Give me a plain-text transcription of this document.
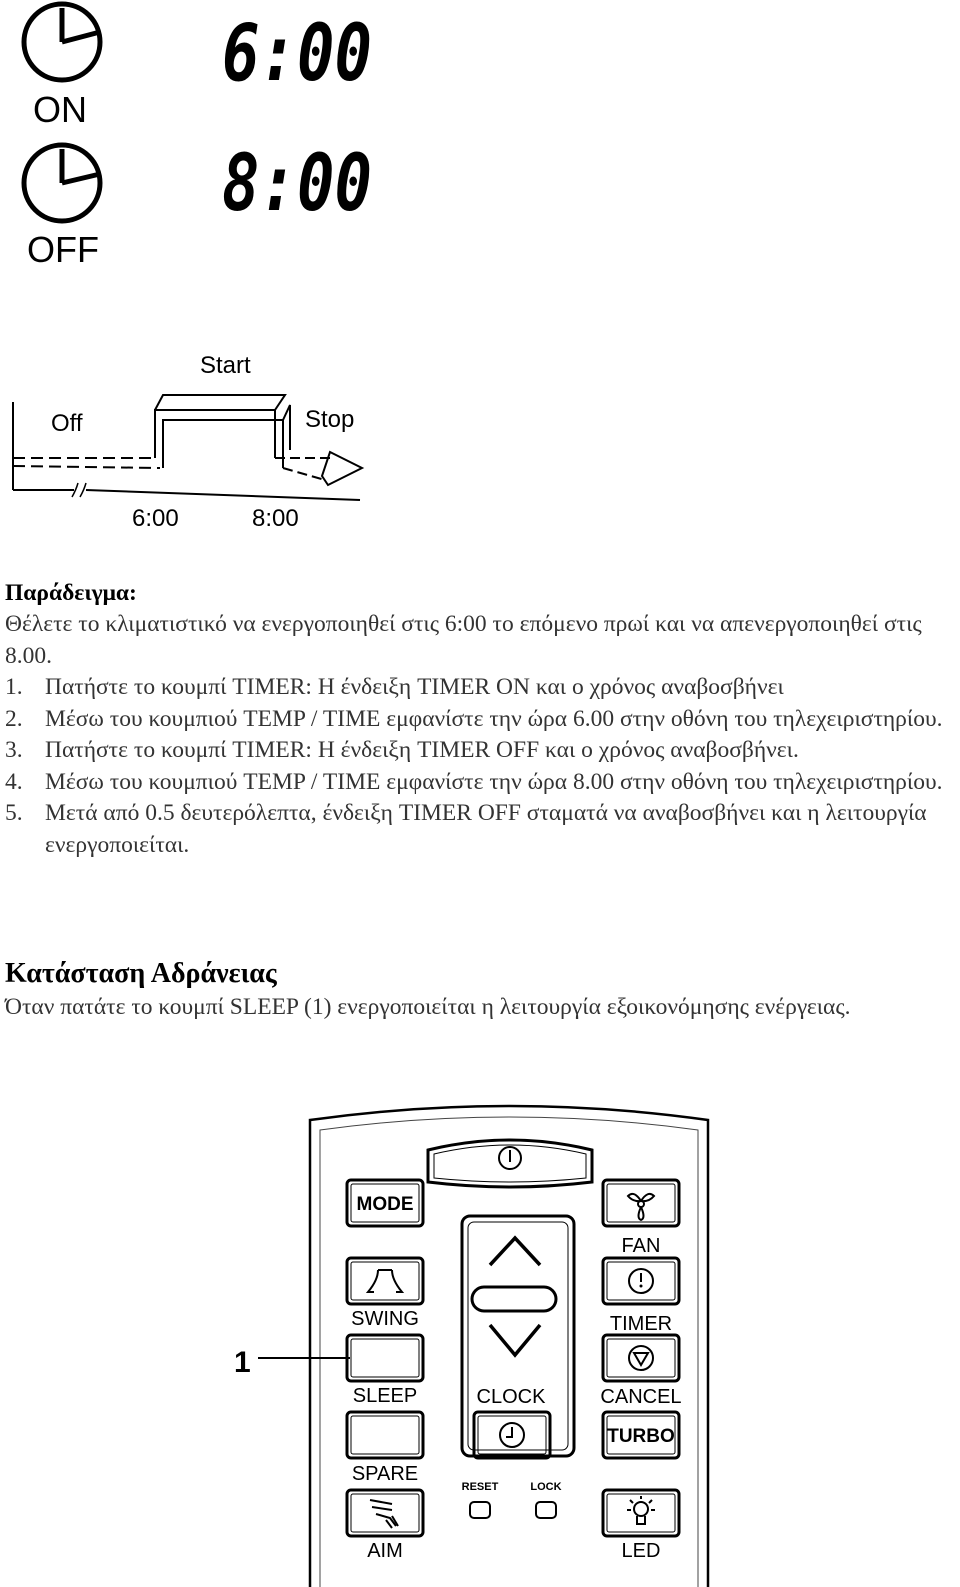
ON
OFF
6:00
8:00
Start
Off	Stop
6:00	8:00
Παράδειγμα:
Θέλετε το κλιματιστικό να ενεργοποιηθεί στις 6:00 το επόμενο πρωί και να απενεργοποιηθεί στις 8.00.
1. Πατήστε το κουμπί TIMER: Η ένδειξη TIMER ON και ο χρόνος αναβοσβήνει
2. Μέσω του κουμπιού TEMP / TIME εμφανίστε την ώρα 6.00 στην οθόνη του τηλεχειριστηρίου.
3. Πατήστε το κουμπί TIMER: Η ένδειξη TIMER OFF και ο χρόνος αναβοσβήνει.
4. Μέσω του κουμπιού TEMP / TIME εμφανίστε την ώρα 8.00 στην οθόνη του τηλεχειριστηρίου.
5. Μετά από 0.5 δευτερόλεπτα, ένδειξη TIMER OFF σταματά να αναβοσβήνει και η λειτουργία ενεργοποιείται.
Κατάσταση Αδράνειας
Όταν πατάτε το κουμπί SLEEP (1) ενεργοποιείται η λειτουργία εξοικονόμησης ενέργειας.
MODE
FAN
SWING	TIMER
1
SLEEP	CANCEL
CLOCK
SPARE
TURBO
RESET	LOCK
AIM	LED
